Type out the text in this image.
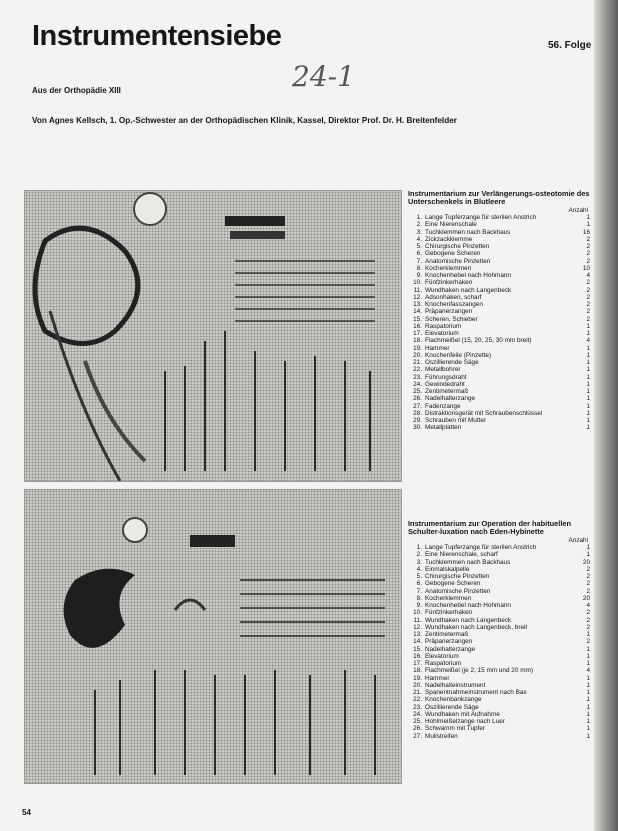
Instrumentensiebe	56. Folge
Aus der Orthopädie XIII	24-1
Von Agnes Kellsch, 1. Op.-Schwester an der Orthopädischen Klinik, Kassel, Direktor Prof. Dr. H. Breitenfelder
Instrumentarium zur Verlängerungs-osteotomie des Unterschenkels in Blutleere
Anzahl
1. Lange Tupferzange für sterilen Anstrich	1
2. Eine Nierenschale	1
3. Tuchklemmen nach Backhaus	16
4. Zickzackklemme	2
5. Chirurgische Pinzetten	2
6. Gebogene Scheren	2
7. Anatomische Pinzetten	2
8. Kocherklemmen	10
9. Knochenhebel nach Hohmann	4
10. Fünfzinkerhaken	2
11. Wundhaken nach Langenbeck	2
12. Adsonhaken, scharf	2
13. Knochenfasszangen	2
14. Präparierzangen	2
15. Scheren, Schieber	2
16. Raspatorium	1
17. Elevatorium	1
18. Flachmeißel (15, 20, 25, 30 mm breit)	4
19. Hammer	1
20. Knochenfeile (Pinzette)	1
21. Oszillierende Säge	1
22. Metallbohrer	1
23. Führungsdraht	1
24. Gewindedraht	1
25. Zentimetermaß	1
26. Nadelhalterzange	1
27. Fadenzange	1
28. Distraktionsgerät mit Schraubenschlüssel	1
29. Schrauben mit Mutter	1
30. Metallplatten	1
Instrumentarium zur Operation der habituellen Schulter-luxation nach Eden-Hybinette
Anzahl
1. Lange Tupferzange für sterilen Anstrich	1
2. Eine Nierenschale, scharf	1
3. Tuchklemmen nach Backhaus	20
4. Einmalskalpelle	2
5. Chirurgische Pinzetten	2
6. Gebogene Scheren	2
7. Anatomische Pinzetten	2
8. Kocherklemmen	20
9. Knochenhebel nach Hohmann	4
10. Fünfzinkerhaken	2
11. Wundhaken nach Langenbeck	2
12. Wundhaken nach Langenbeck, breit	2
13. Zentimetermaß	1
14. Präparierzangen	2
15. Nadelhalterzange	1
16. Elevatorium	1
17. Raspatorium	1
18. Flachmeißel (je 2, 15 mm und 20 mm)	4
19. Hammer	1
20. Nadelhalteinstrument	1
21. Spanentnahmeinstrument nach Bax	1
22. Knochenbankzange	1
23. Oszillierende Säge	1
24. Wundhaken mit Aufnahme	1
25. Hohlmeißelzange nach Luer	1
26. Schwamm mit Tupfer	1
27. Mullstreifen	1
54
